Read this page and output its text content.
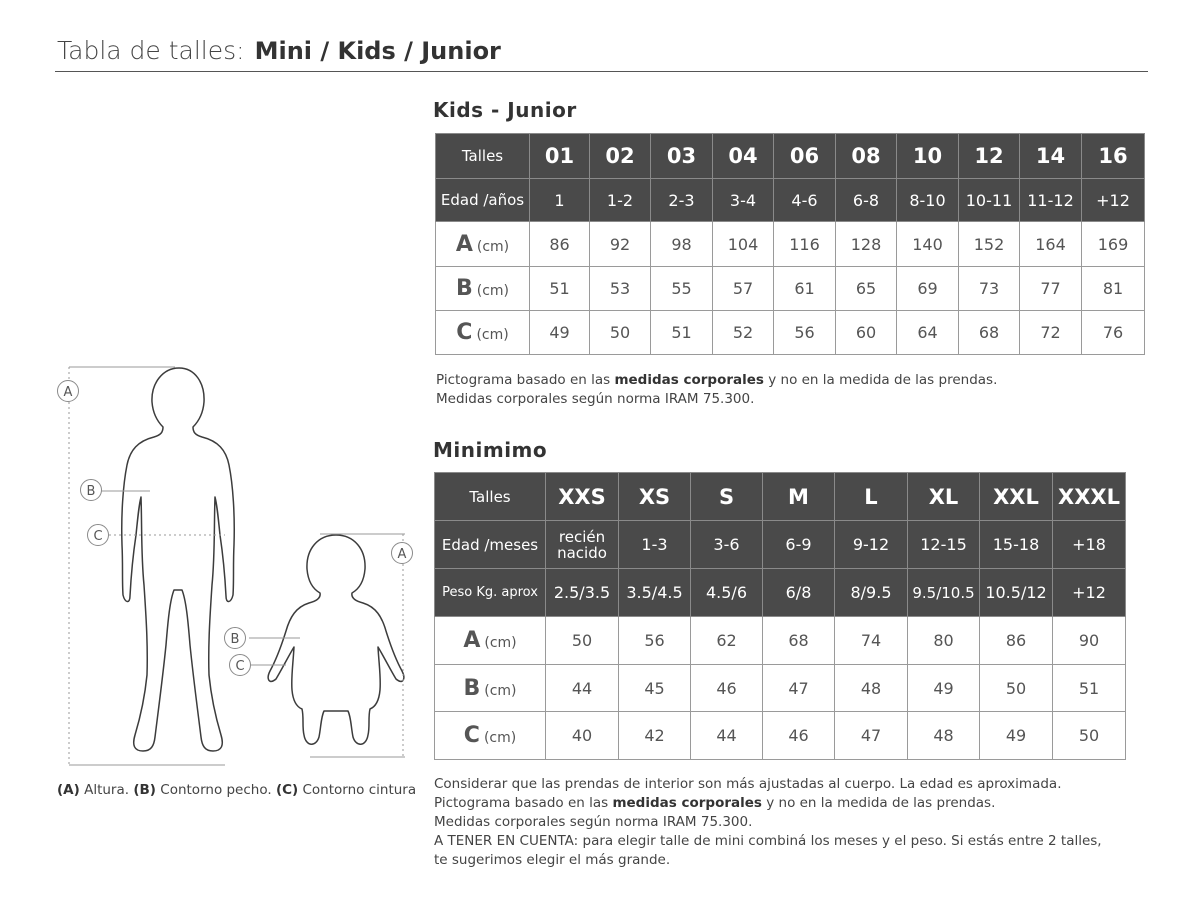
Tabla de talles: Mini / Kids / Junior
Kids - Junior
Talles	01	02	03	04	06	08	10	12	14	16
Edad /años	1	1-2	2-3	3-4	4-6	6-8	8-10	10-11	11-12	+12
A (cm)	86	92	98	104	116	128	140	152	164	169
B (cm)	51	53	55	57	61	65	69	73	77	81
C (cm)	49	50	51	52	56	60	64	68	72	76
Pictograma basado en las medidas corporales y no en la medida de las prendas.
Medidas corporales según norma IRAM 75.300.
Minimimo
Talles	XXS	XS	S	M	L	XL	XXL	XXXL
Edad /meses	recién nacido	1-3	3-6	6-9	9-12	12-15	15-18	+18
Peso Kg. aprox	2.5/3.5	3.5/4.5	4.5/6	6/8	8/9.5	9.5/10.5	10.5/12	+12
A (cm)	50	56	62	68	74	80	86	90
B (cm)	44	45	46	47	48	49	50	51
C (cm)	40	42	44	46	47	48	49	50
Considerar que las prendas de interior son más ajustadas al cuerpo. La edad es aproximada.
Pictograma basado en las medidas corporales y no en la medida de las prendas.
Medidas corporales según norma IRAM 75.300.
A TENER EN CUENTA: para elegir talle de mini combiná los meses y el peso. Si estás entre 2 talles,
te sugerimos elegir el más grande.
A
B
C
A
B
C
(A) Altura. (B) Contorno pecho. (C) Contorno cintura
